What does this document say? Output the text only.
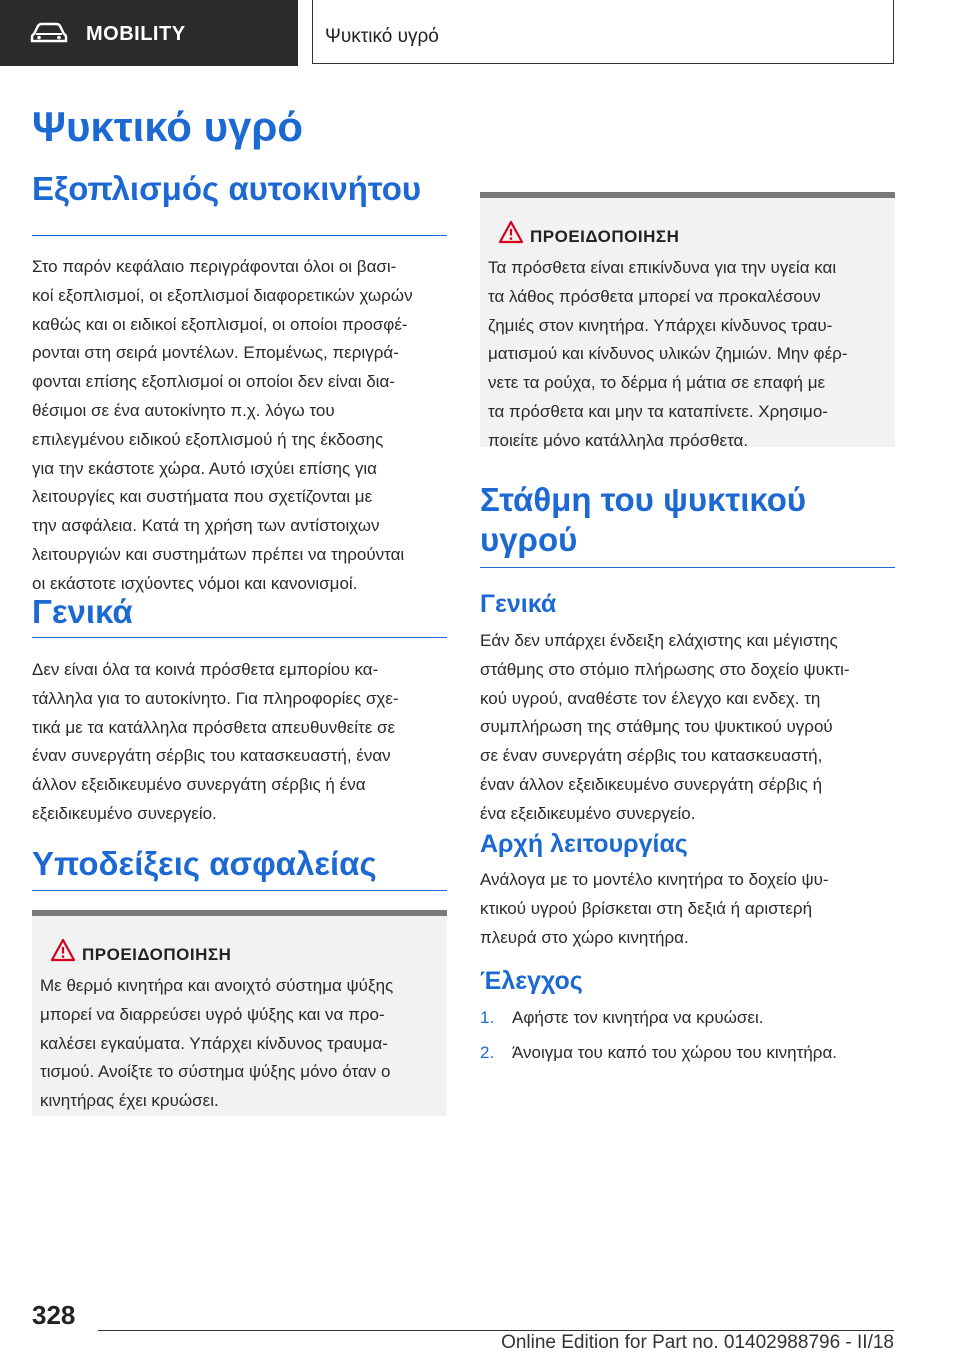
MOBILITY	Ψυκτικό υγρό
Ψυκτικό υγρό
Εξοπλισμός αυτοκινήτου
Στο παρόν κεφάλαιο περιγράφονται όλοι οι βασι‐
κοί εξοπλισμοί, οι εξοπλισμοί διαφορετικών χωρών
καθώς και οι ειδικοί εξοπλισμοί, οι οποίοι προσφέ‐
ρονται στη σειρά μοντέλων. Επομένως, περιγρά‐
φονται επίσης εξοπλισμοί οι οποίοι δεν είναι δια‐
θέσιμοι σε ένα αυτοκίνητο π.χ. λόγω του
επιλεγμένου ειδικού εξοπλισμού ή της έκδοσης
για την εκάστοτε χώρα. Αυτό ισχύει επίσης για
λειτουργίες και συστήματα που σχετίζονται με
την ασφάλεια. Κατά τη χρήση των αντίστοιχων
λειτουργιών και συστημάτων πρέπει να τηρούνται
οι εκάστοτε ισχύοντες νόμοι και κανονισμοί.
Γενικά
Δεν είναι όλα τα κοινά πρόσθετα εμπορίου κα‐
τάλληλα για το αυτοκίνητο. Για πληροφορίες σχε‐
τικά με τα κατάλληλα πρόσθετα απευθυνθείτε σε
έναν συνεργάτη σέρβις του κατασκευαστή, έναν
άλλον εξειδικευμένο συνεργάτη σέρβις ή ένα
εξειδικευμένο συνεργείο.
Υποδείξεις ασφαλείας
ΠΡΟΕΙΔΟΠΟΙΗΣΗ
Με θερμό κινητήρα και ανοιχτό σύστημα ψύξης
μπορεί να διαρρεύσει υγρό ψύξης και να προ‐
καλέσει εγκαύματα. Υπάρχει κίνδυνος τραυμα‐
τισμού. Ανοίξτε το σύστημα ψύξης μόνο όταν ο
κινητήρας έχει κρυώσει.
ΠΡΟΕΙΔΟΠΟΙΗΣΗ
Τα πρόσθετα είναι επικίνδυνα για την υγεία και
τα λάθος πρόσθετα μπορεί να προκαλέσουν
ζημιές στον κινητήρα. Υπάρχει κίνδυνος τραυ‐
ματισμού και κίνδυνος υλικών ζημιών. Μην φέρ‐
νετε τα ρούχα, το δέρμα ή μάτια σε επαφή με
τα πρόσθετα και μην τα καταπίνετε. Χρησιμο‐
ποιείτε μόνο κατάλληλα πρόσθετα.
Στάθμη του ψυκτικού
υγρού
Γενικά
Εάν δεν υπάρχει ένδειξη ελάχιστης και μέγιστης
στάθμης στο στόμιο πλήρωσης στο δοχείο ψυκτι‐
κού υγρού, αναθέστε τον έλεγχο και ενδεχ. τη
συμπλήρωση της στάθμης του ψυκτικού υγρού
σε έναν συνεργάτη σέρβις του κατασκευαστή,
έναν άλλον εξειδικευμένο συνεργάτη σέρβις ή
ένα εξειδικευμένο συνεργείο.
Αρχή λειτουργίας
Ανάλογα με το μοντέλο κινητήρα το δοχείο ψυ‐
κτικού υγρού βρίσκεται στη δεξιά ή αριστερή
πλευρά στο χώρο κινητήρα.
Έλεγχος
1. Αφήστε τον κινητήρα να κρυώσει.
2. Άνοιγμα του καπό του χώρου του κινητήρα.
328
Online Edition for Part no. 01402988796 - II/18
